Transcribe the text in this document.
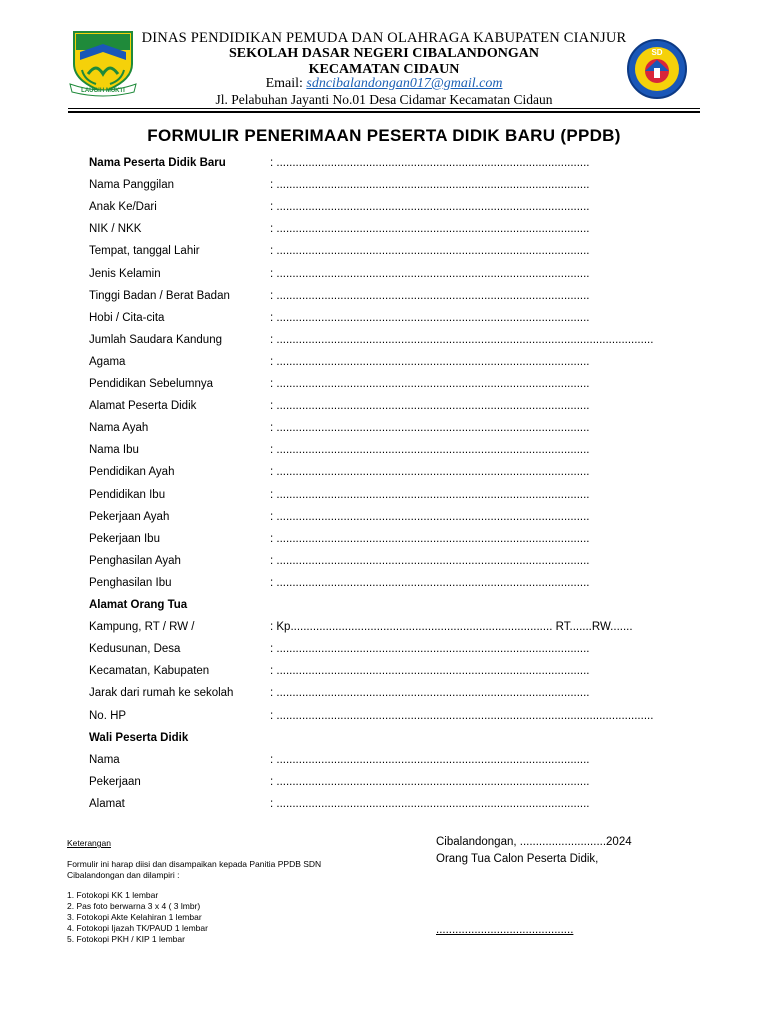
LAUGIH MUKTI
SD
DINAS PENDIDIKAN PEMUDA DAN OLAHRAGA KABUPATEN CIANJUR
SEKOLAH DASAR NEGERI CIBALANDONGAN
KECAMATAN CIDAUN
Email: sdncibalandongan017@gmail.com
Jl. Pelabuhan Jayanti No.01 Desa Cidamar Kecamatan Cidaun
FORMULIR PENERIMAAN PESERTA DIDIK BARU (PPDB)
Nama Peserta Didik Baru	: ..................................................................................................
Nama Panggilan	: ..................................................................................................
Anak Ke/Dari	: ..................................................................................................
NIK / NKK	: ..................................................................................................
Tempat, tanggal Lahir	: ..................................................................................................
Jenis Kelamin	: ..................................................................................................
Tinggi Badan / Berat Badan	: ..................................................................................................
Hobi / Cita-cita	: ..................................................................................................
Jumlah Saudara Kandung	: ......................................................................................................................
Agama	: ..................................................................................................
Pendidikan Sebelumnya	: ..................................................................................................
Alamat Peserta Didik	: ..................................................................................................
Nama Ayah	: ..................................................................................................
Nama Ibu	: ..................................................................................................
Pendidikan Ayah	: ..................................................................................................
Pendidikan Ibu	: ..................................................................................................
Pekerjaan Ayah	: ..................................................................................................
Pekerjaan Ibu	: ..................................................................................................
Penghasilan Ayah	: ..................................................................................................
Penghasilan Ibu	: ..................................................................................................
Alamat Orang Tua
Kampung, RT / RW /	: Kp.................................................................................. RT.......RW.......
Kedusunan, Desa	: ..................................................................................................
Kecamatan, Kabupaten	: ..................................................................................................
Jarak dari rumah ke sekolah	: ..................................................................................................
No. HP	: ......................................................................................................................
Wali Peserta Didik
Nama	: ..................................................................................................
Pekerjaan	: ..................................................................................................
Alamat	: ..................................................................................................
Keterangan
Formulir ini harap diisi dan disampaikan kepada Panitia PPDB SDN
Cibalandongan dan dilampiri :
1. Fotokopi KK 1 lembar
2. Pas foto berwarna 3 x 4 ( 3 lmbr)
3. Fotokopi Akte Kelahiran 1 lembar
4. Fotokopi Ijazah TK/PAUD 1 lembar
5. Fotokopi PKH / KIP 1 lembar
Cibalandongan, ...........................2024
Orang Tua Calon Peserta Didik,
...........................................
